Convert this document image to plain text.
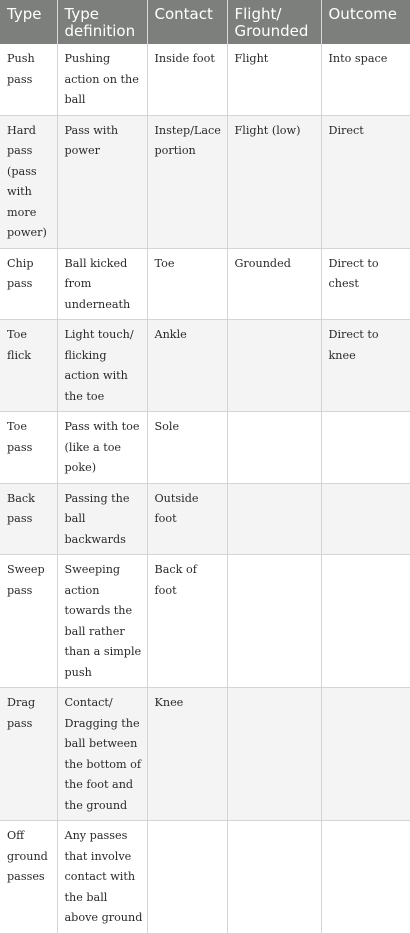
Type	Type definition	Contact	Flight/ Grounded	Outcome
Push pass	Pushing action on the ball	Inside foot	Flight	Into space
Hard pass (pass with more power)	Pass with power	Instep/Lace portion	Flight (low)	Direct
Chip pass	Ball kicked from underneath	Toe	Grounded	Direct to chest
Toe flick	Light touch/ flicking action with the toe	Ankle		Direct to knee
Toe pass	Pass with toe (like a toe poke)	Sole		
Back pass	Passing the ball backwards	Outside foot		
Sweep pass	Sweeping action towards the ball rather than a simple push	Back of foot		
Drag pass	Contact/ Dragging the ball between the bottom of the foot and the ground	Knee		
Off ground passes	Any passes that involve contact with the ball above ground			
